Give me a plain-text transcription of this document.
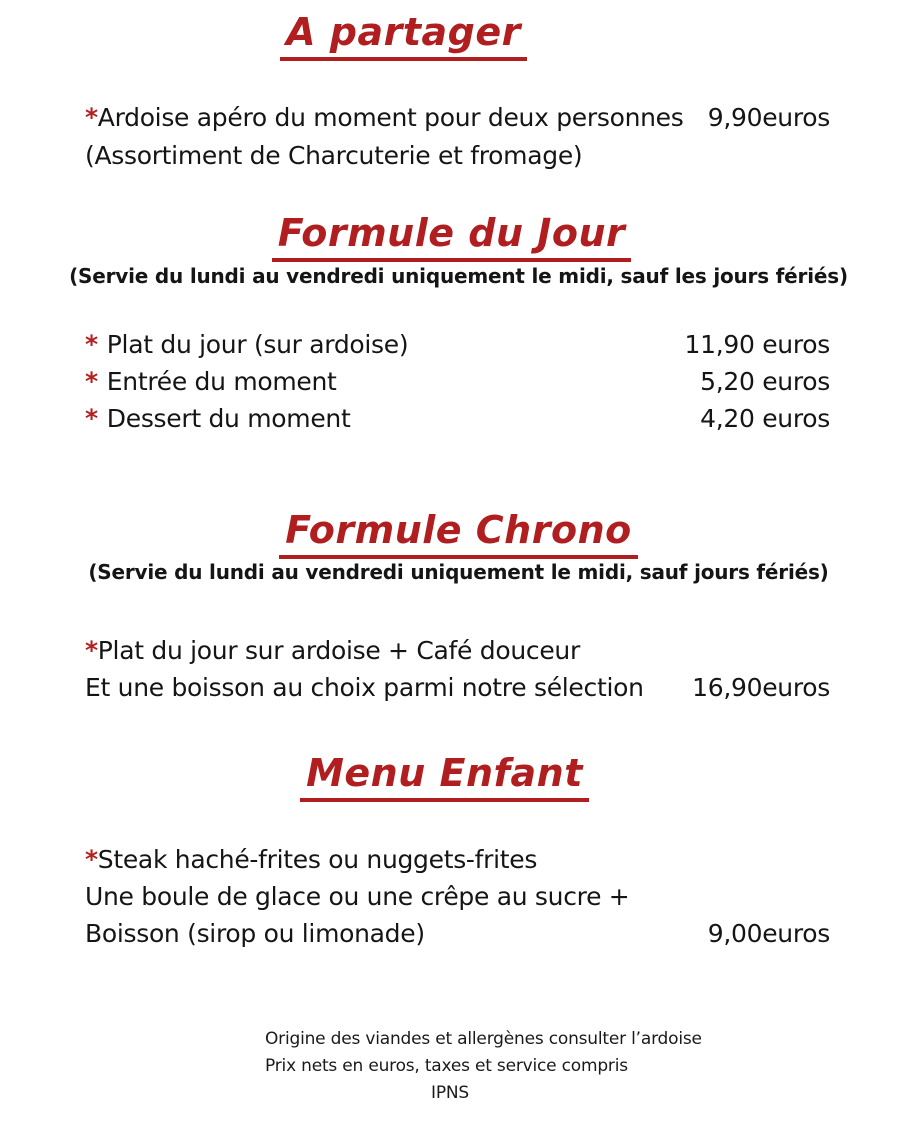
A partager
* Ardoise apéro du moment pour deux personnes 9,90euros
(Assortiment de Charcuterie et fromage)
Formule du Jour

(Servie du lundi au vendredi uniquement le midi, sauf les jours fériés)

* Plat du jour (sur ardoise)	11,90 euros
* Entrée du moment	5,20 euros
* Dessert du moment	4,20 euros
Formule Chrono

(Servie du lundi au vendredi uniquement le midi, sauf jours fériés)

* Plat du jour sur ardoise + Café douceur
Et une boisson au choix parmi notre sélection 16,90euros
Menu Enfant
* Steak haché-frites ou nuggets-frites
Une boule de glace ou une crêpe au sucre +
Boisson (sirop ou limonade)	9,00euros
Origine des viandes et allergènes consulter l’ardoise
Prix nets en euros, taxes et service compris
IPNS
